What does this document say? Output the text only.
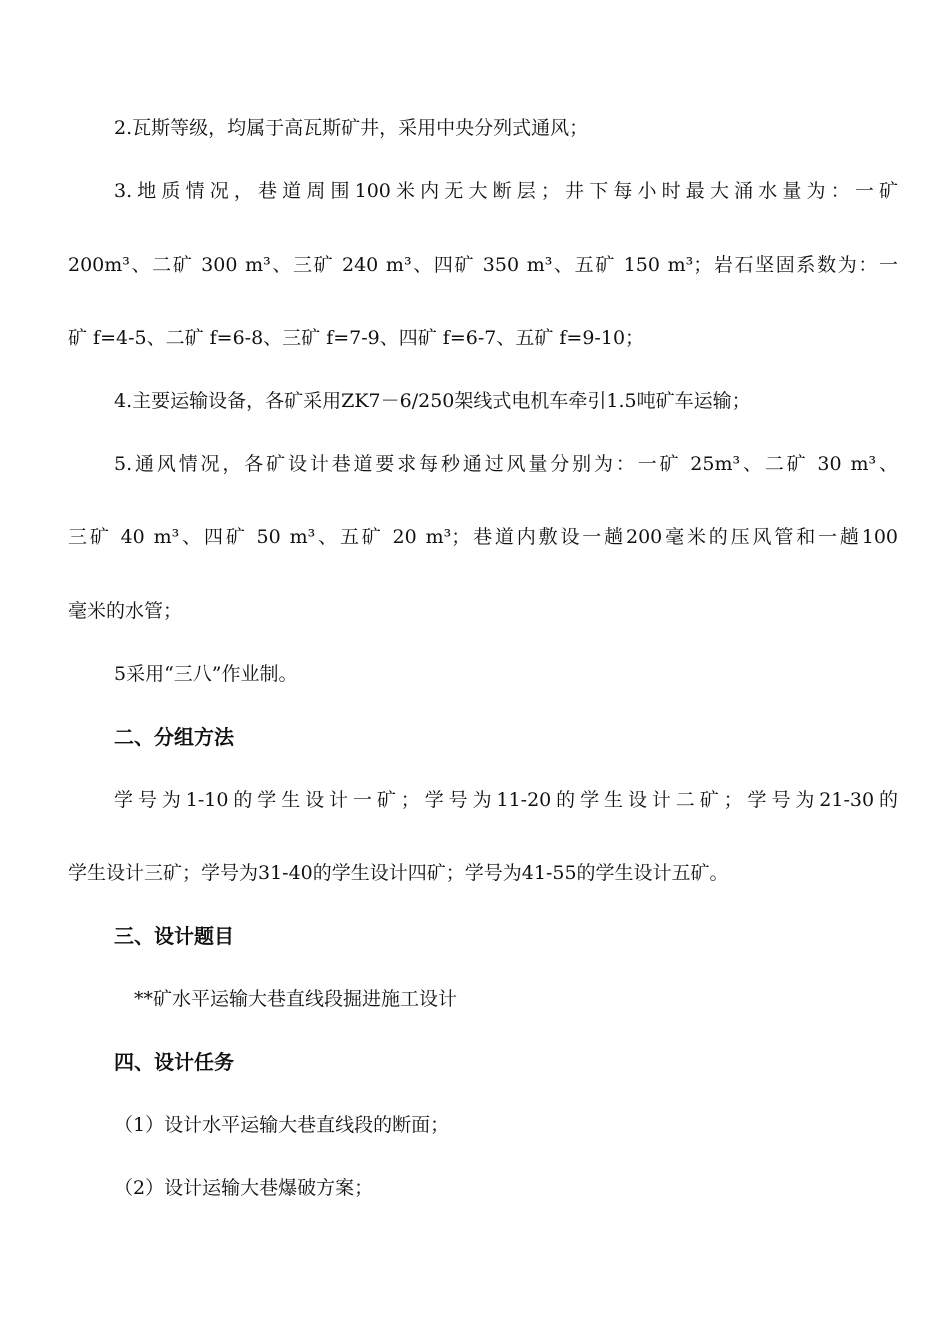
2.瓦斯等级，均属于高瓦斯矿井，采用中央分列式通风；
3.地质情况，巷道周围100米内无大断层；井下每小时最大涌水量为：一矿
200m³、二矿 300 m³、三矿 240 m³、四矿 350 m³、五矿 150 m³；岩石坚固系数为：一
矿 f=4-5、二矿 f=6-8、三矿 f=7-9、四矿 f=6-7、五矿 f=9-10；
4.主要运输设备，各矿采用ZK7－6/250架线式电机车牵引1.5吨矿车运输；
5.通风情况，各矿设计巷道要求每秒通过风量分别为：一矿 25m³、二矿 30 m³、
三矿 40 m³、四矿 50 m³、五矿 20 m³；巷道内敷设一趟200毫米的压风管和一趟100
毫米的水管；
5采用“三八”作业制。
二、分组方法
学号为1-10的学生设计一矿；学号为11-20的学生设计二矿；学号为21-30的
学生设计三矿；学号为31-40的学生设计四矿；学号为41-55的学生设计五矿。
三、设计题目
**矿水平运输大巷直线段掘进施工设计
四、设计任务
（1）设计水平运输大巷直线段的断面；
（2）设计运输大巷爆破方案；
